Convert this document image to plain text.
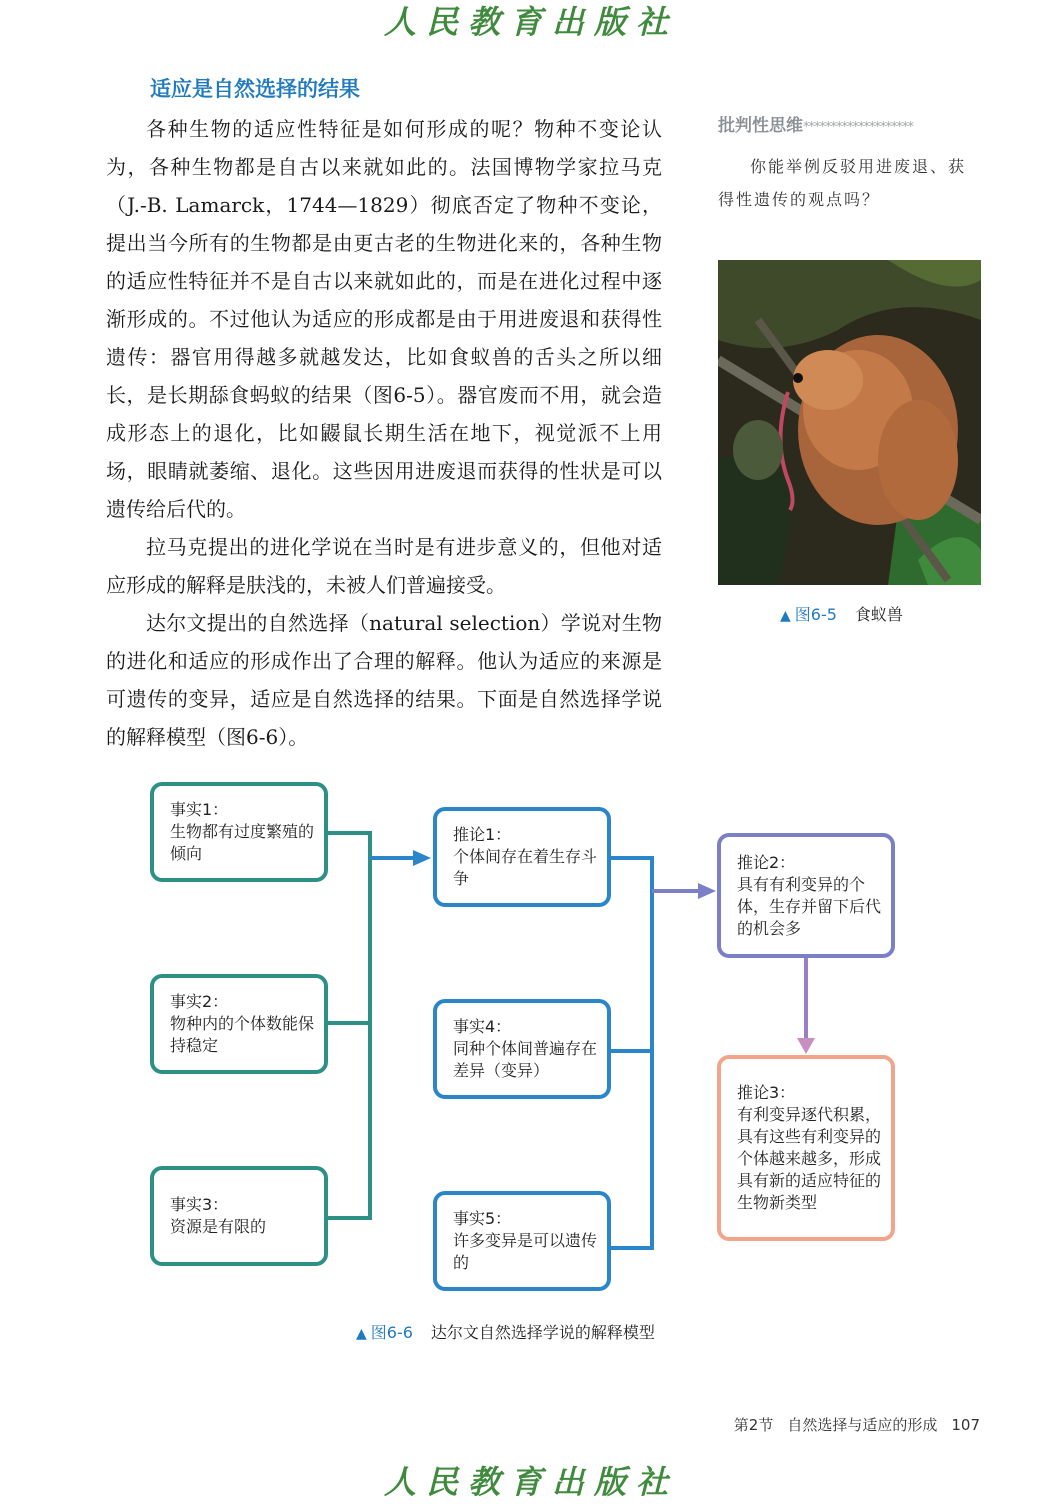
人民教育出版社
适应是自然选择的结果

各种生物的适应性特征是如何形成的呢？物种不变论认为，各种生物都是自古以来就如此的。法国博物学家拉马克（J.-B. Lamarck，1744—1829）彻底否定了物种不变论，提出当今所有的生物都是由更古老的生物进化来的，各种生物的适应性特征并不是自古以来就如此的，而是在进化过程中逐渐形成的。不过他认为适应的形成都是由于用进废退和获得性遗传：器官用得越多就越发达，比如食蚁兽的舌头之所以细长，是长期舔食蚂蚁的结果（图6-5）。器官废而不用，就会造成形态上的退化，比如鼹鼠长期生活在地下，视觉派不上用场，眼睛就萎缩、退化。这些因用进废退而获得的性状是可以遗传给后代的。

拉马克提出的进化学说在当时是有进步意义的，但他对适应形成的解释是肤浅的，未被人们普遍接受。

达尔文提出的自然选择（natural selection）学说对生物的进化和适应的形成作出了合理的解释。他认为适应的来源是可遗传的变异，适应是自然选择的结果。下面是自然选择学说的解释模型（图6-6）。

批判性思维********************
你能举例反驳用进废退、获得性遗传的观点吗？
▲ 图6-5 食蚁兽
事实1：
生物都有过度繁殖的倾向
事实2：
物种内的个体数能保持稳定
事实3：
资源是有限的
推论1：
个体间存在着生存斗争
事实4：
同种个体间普遍存在差异（变异）
事实5：
许多变异是可以遗传的
推论2：
具有有利变异的个体，生存并留下后代的机会多
推论3：
有利变异逐代积累，具有这些有利变异的个体越来越多，形成具有新的适应特征的生物新类型
▲ 图6-6 达尔文自然选择学说的解释模型
第2节 自然选择与适应的形成 107
人民教育出版社
